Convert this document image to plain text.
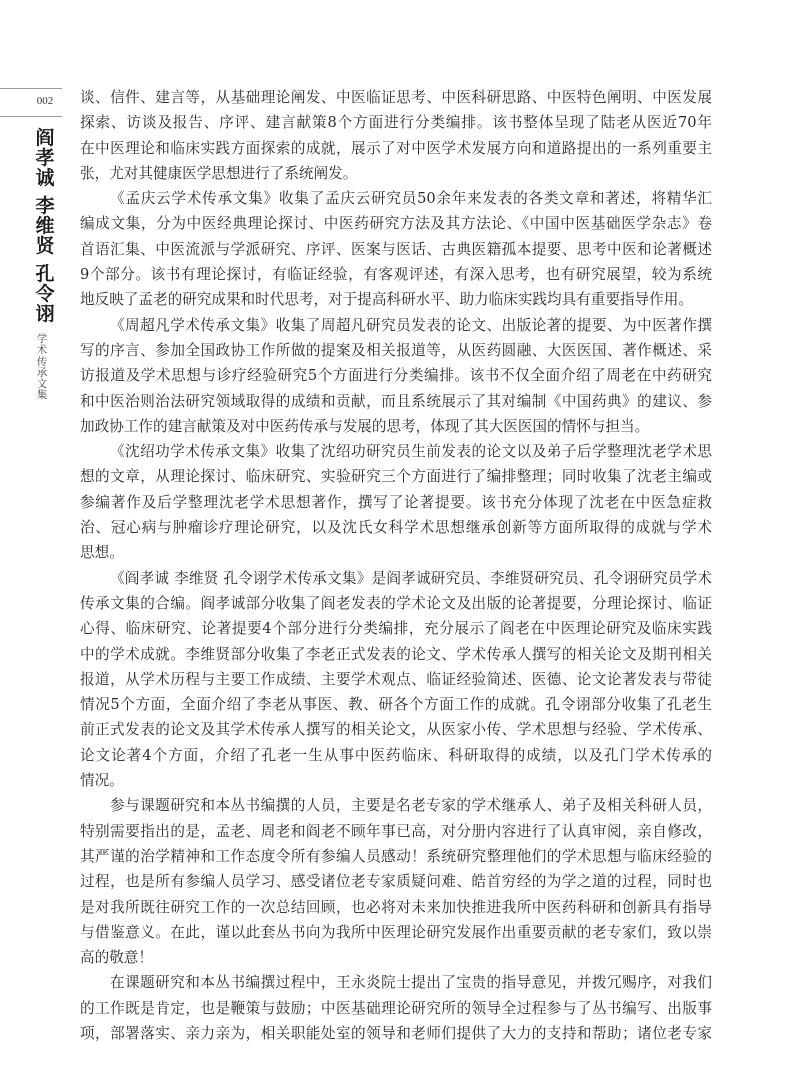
002
阎
孝
诚
李
维
贤
孔
令
诩
学
术
传
承
文
集
谈、信件、建言等，从基础理论阐发、中医临证思考、中医科研思路、中医特色阐明、中医发展
探索、访谈及报告、序评、建言献策8个方面进行分类编排。该书整体呈现了陆老从医近70年
在中医理论和临床实践方面探索的成就，展示了对中医学术发展方向和道路提出的一系列重要主
张，尤对其健康医学思想进行了系统阐发。
《孟庆云学术传承文集》收集了孟庆云研究员50余年来发表的各类文章和著述，将精华汇
编成文集，分为中医经典理论探讨、中医药研究方法及其方法论、《中国中医基础医学杂志》卷
首语汇集、中医流派与学派研究、序评、医案与医话、古典医籍孤本提要、思考中医和论著概述
9个部分。该书有理论探讨，有临证经验，有客观评述，有深入思考，也有研究展望，较为系统
地反映了孟老的研究成果和时代思考，对于提高科研水平、助力临床实践均具有重要指导作用。
《周超凡学术传承文集》收集了周超凡研究员发表的论文、出版论著的提要、为中医著作撰
写的序言、参加全国政协工作所做的提案及相关报道等，从医药圆融、大医医国、著作概述、采
访报道及学术思想与诊疗经验研究5个方面进行分类编排。该书不仅全面介绍了周老在中药研究
和中医治则治法研究领域取得的成绩和贡献，而且系统展示了其对编制《中国药典》的建议、参
加政协工作的建言献策及对中医药传承与发展的思考，体现了其大医医国的情怀与担当。
《沈绍功学术传承文集》收集了沈绍功研究员生前发表的论文以及弟子后学整理沈老学术思
想的文章，从理论探讨、临床研究、实验研究三个方面进行了编排整理；同时收集了沈老主编或
参编著作及后学整理沈老学术思想著作，撰写了论著提要。该书充分体现了沈老在中医急症救
治、冠心病与肿瘤诊疗理论研究，以及沈氏女科学术思想继承创新等方面所取得的成就与学术
思想。
《阎孝诚 李维贤 孔令诩学术传承文集》是阎孝诚研究员、李维贤研究员、孔令诩研究员学术
传承文集的合编。阎孝诚部分收集了阎老发表的学术论文及出版的论著提要，分理论探讨、临证
心得、临床研究、论著提要4个部分进行分类编排，充分展示了阎老在中医理论研究及临床实践
中的学术成就。李维贤部分收集了李老正式发表的论文、学术传承人撰写的相关论文及期刊相关
报道，从学术历程与主要工作成绩、主要学术观点、临证经验简述、医德、论文论著发表与带徒
情况5个方面，全面介绍了李老从事医、教、研各个方面工作的成就。孔令诩部分收集了孔老生
前正式发表的论文及其学术传承人撰写的相关论文，从医家小传、学术思想与经验、学术传承、
论文论著4个方面，介绍了孔老一生从事中医药临床、科研取得的成绩，以及孔门学术传承的
情况。
参与课题研究和本丛书编撰的人员，主要是名老专家的学术继承人、弟子及相关科研人员，
特别需要指出的是，孟老、周老和阎老不顾年事已高，对分册内容进行了认真审阅，亲自修改，
其严谨的治学精神和工作态度令所有参编人员感动！系统研究整理他们的学术思想与临床经验的
过程，也是所有参编人员学习、感受诸位老专家质疑问难、皓首穷经的为学之道的过程，同时也
是对我所既往研究工作的一次总结回顾，也必将对未来加快推进我所中医药科研和创新具有指导
与借鉴意义。在此，谨以此套丛书向为我所中医理论研究发展作出重要贡献的老专家们，致以崇
高的敬意！
在课题研究和本丛书编撰过程中，王永炎院士提出了宝贵的指导意见，并拨冗赐序，对我们
的工作既是肯定，也是鞭策与鼓励；中医基础理论研究所的领导全过程参与了丛书编写、出版事
项，部署落实、亲力亲为，相关职能处室的领导和老师们提供了大力的支持和帮助；诸位老专家
